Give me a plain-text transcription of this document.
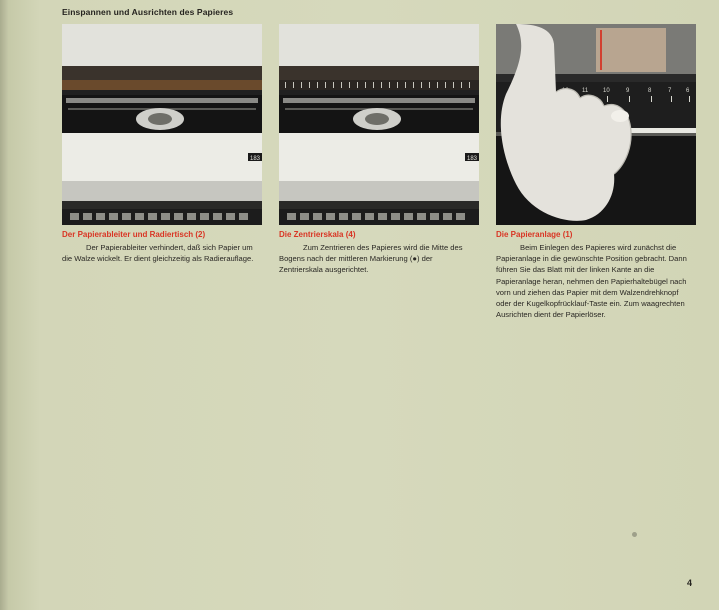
Einspannen und Ausrichten des Papieres
183	183
11 10	9	8	7 6
Der Papierableiter und Radiertisch (2)

Der Papierableiter verhindert, daß sich Papier um die Walze wickelt. Er dient gleichzeitig als Radierauflage.

Die Zentrierskala (4)

Zum Zentrieren des Papieres wird die Mitte des Bogens nach der mittleren Markierung (●) der Zentrierskala ausgerichtet.

Die Papieranlage (1)

Beim Einlegen des Papieres wird zunächst die Papieranlage in die gewünschte Position gebracht. Dann führen Sie das Blatt mit der linken Kante an die Papieranlage heran, nehmen den Papierhaltebügel nach vorn und ziehen das Papier mit dem Walzendrehknopf oder der Kugelkopfrücklauf-Taste ein. Zum waagrechten Ausrichten dient der Papierlöser.

4
